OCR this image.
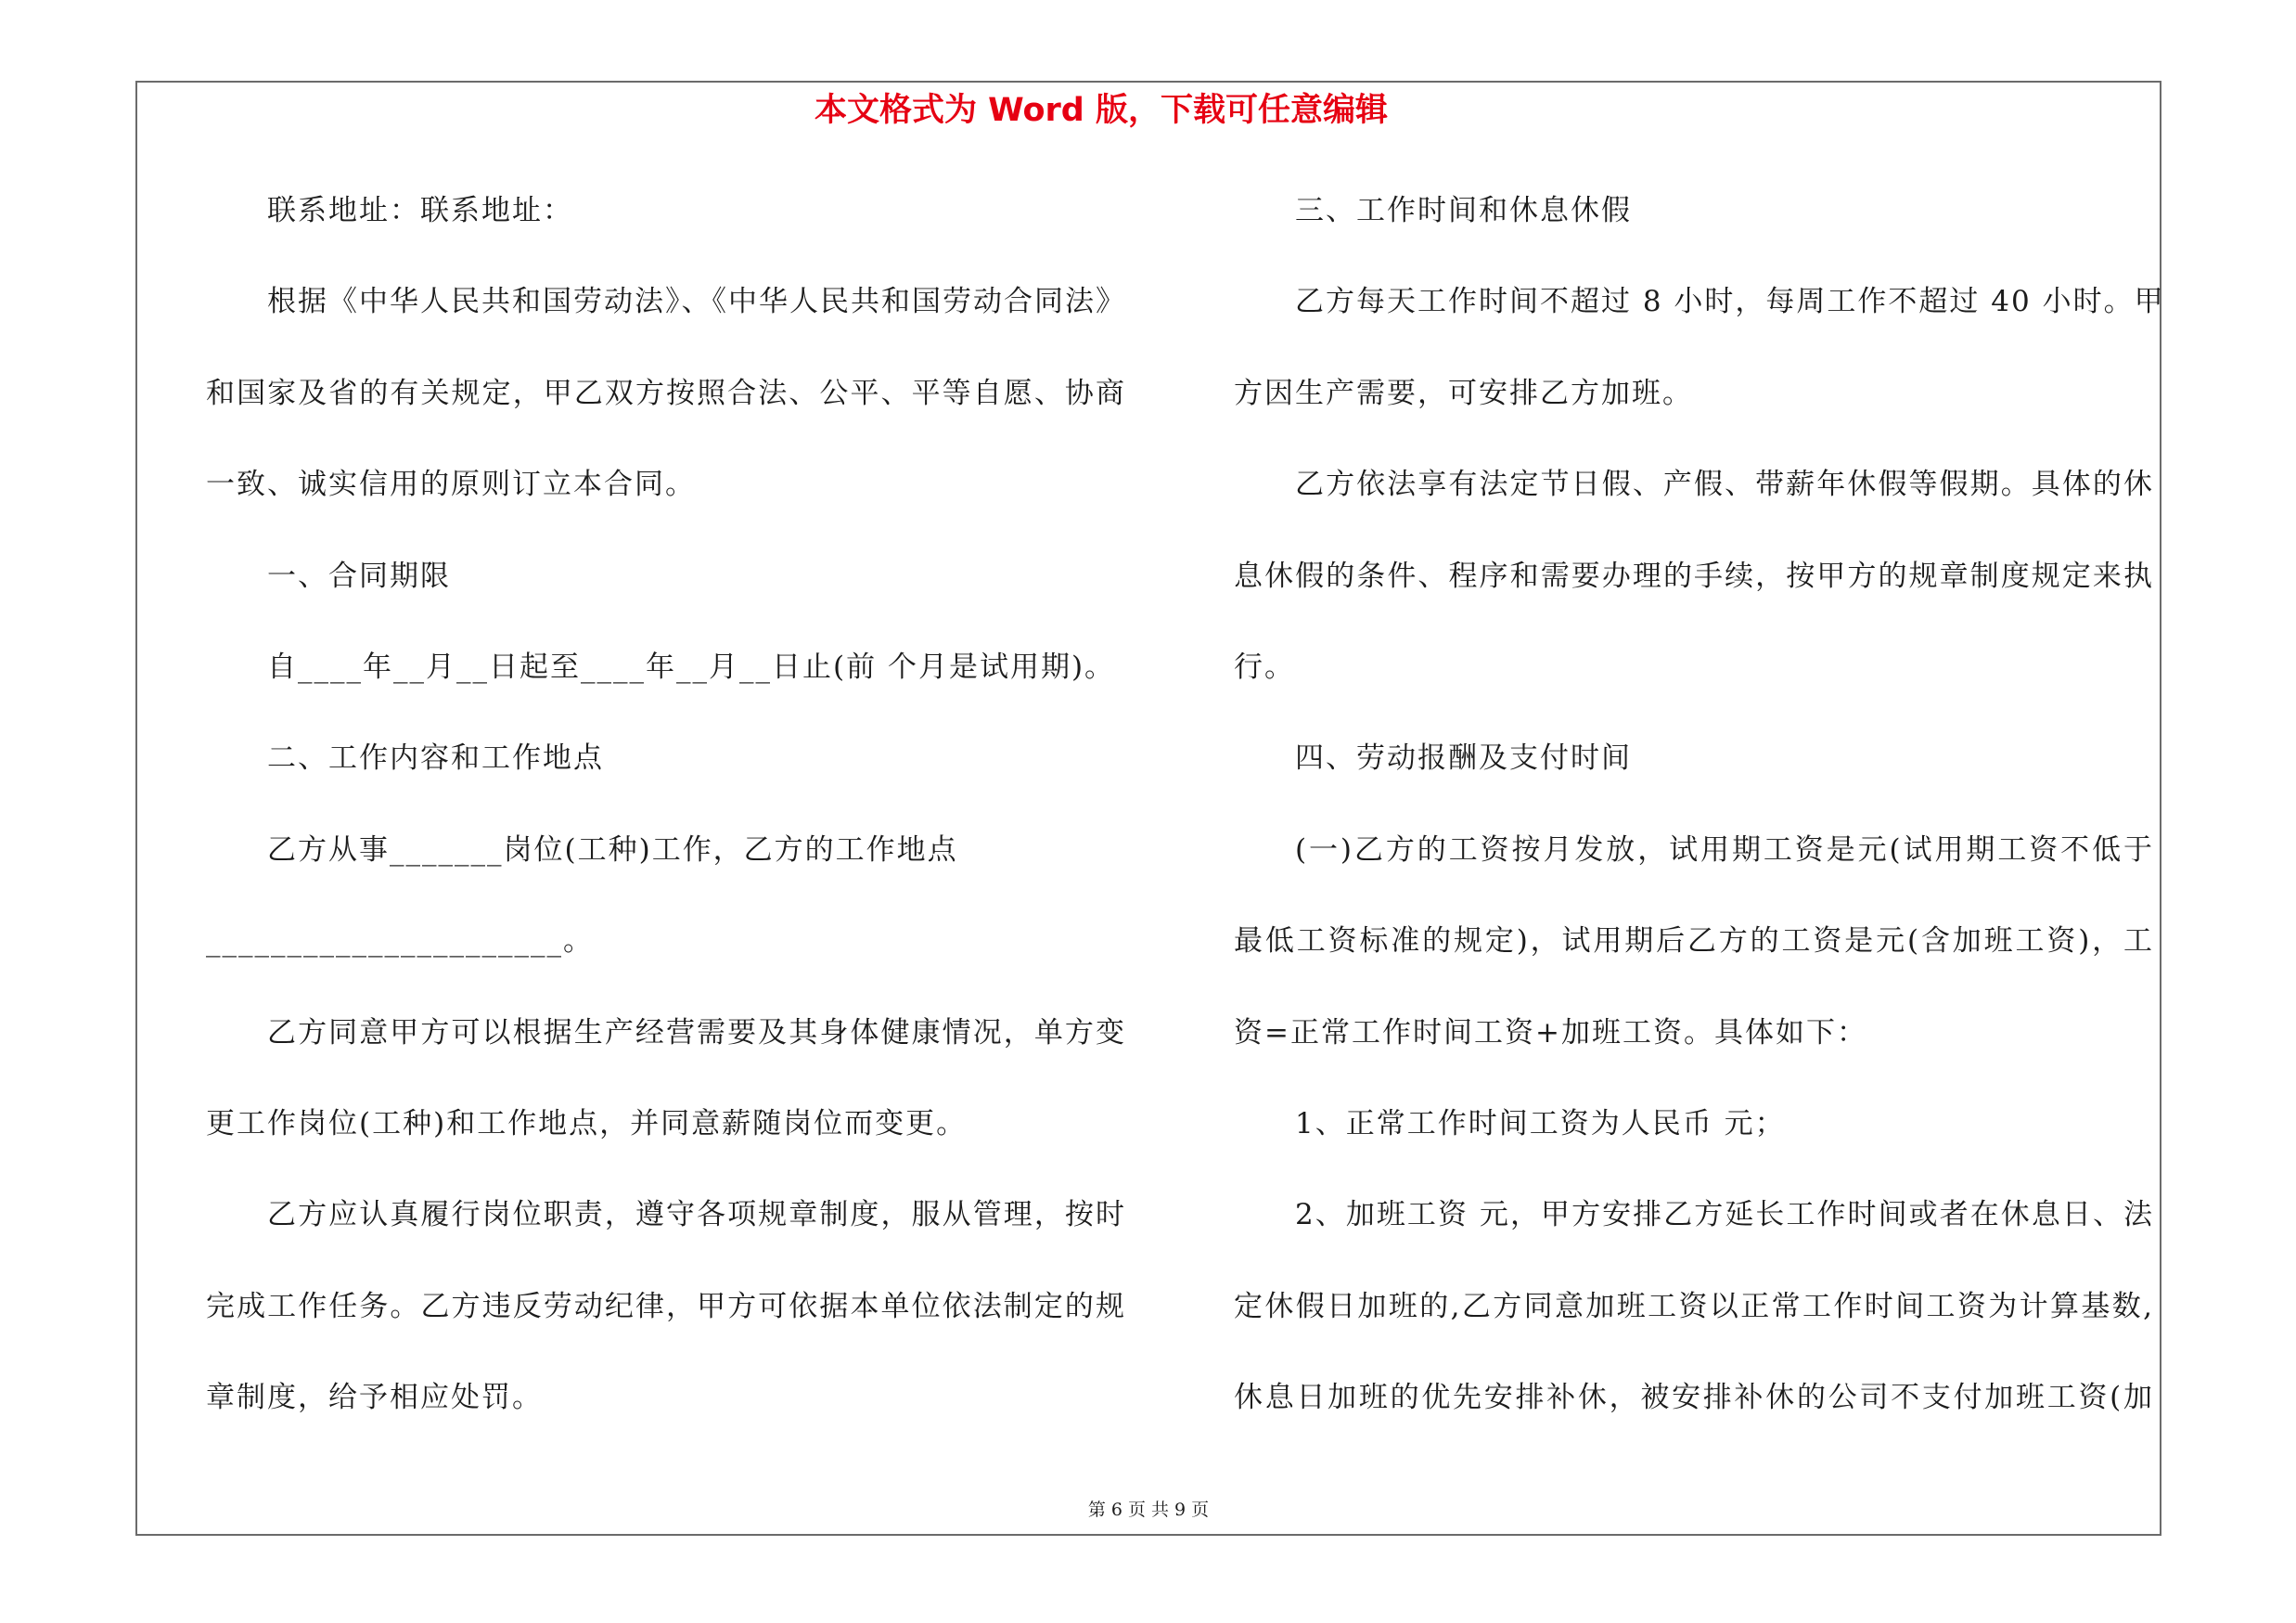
本文格式为 Word 版，下载可任意编辑
联系地址：联系地址：
根据《中华人民共和国劳动法》、《中华人民共和国劳动合同法》
和国家及省的有关规定，甲乙双方按照合法、公平、平等自愿、协商
一致、诚实信用的原则订立本合同。
一、合同期限
自____年__月__日起至____年__月__日止(前 个月是试用期)。
二、工作内容和工作地点
乙方从事_______岗位(工种)工作，乙方的工作地点
______________________。
乙方同意甲方可以根据生产经营需要及其身体健康情况，单方变
更工作岗位(工种)和工作地点，并同意薪随岗位而变更。
乙方应认真履行岗位职责，遵守各项规章制度，服从管理，按时
完成工作任务。乙方违反劳动纪律，甲方可依据本单位依法制定的规
章制度，给予相应处罚。
三、工作时间和休息休假
乙方每天工作时间不超过 8 小时，每周工作不超过 40 小时。甲
方因生产需要，可安排乙方加班。
乙方依法享有法定节日假、产假、带薪年休假等假期。具体的休
息休假的条件、程序和需要办理的手续，按甲方的规章制度规定来执
行。
四、劳动报酬及支付时间
(一)乙方的工资按月发放，试用期工资是元(试用期工资不低于
最低工资标准的规定)，试用期后乙方的工资是元(含加班工资)，工
资=正常工作时间工资+加班工资。具体如下：
1、正常工作时间工资为人民币 元；
2、加班工资 元，甲方安排乙方延长工作时间或者在休息日、法
定休假日加班的,乙方同意加班工资以正常工作时间工资为计算基数,
休息日加班的优先安排补休，被安排补休的公司不支付加班工资(加
第 6 页 共 9 页
